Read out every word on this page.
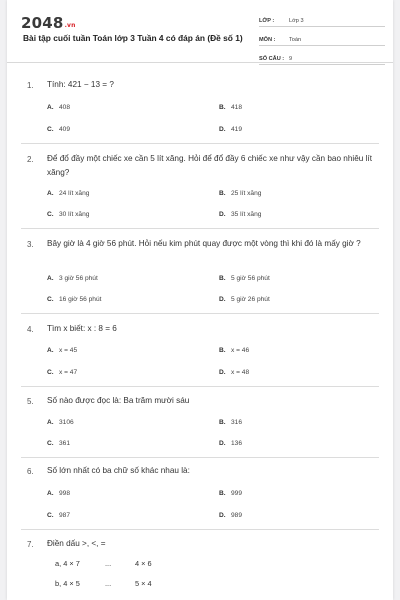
2048.vn
Bài tập cuối tuần Toán lớp 3 Tuần 4 có đáp án (Đề số 1)
LỚP :	Lớp 3
MÔN :	Toán
SỐ CÂU : 9
1. Tính: 421 − 13 = ?
A. 408	B. 418
C. 409	D. 419
2. Để đổ đầy một chiếc xe cần 5 lít xăng. Hỏi để đổ đầy 6 chiếc xe như vậy cần bao nhiêu lít xăng?
A. 24 lít xăng	B. 25 lít xăng
C. 30 lít xăng	D. 35 lít xăng
3. Bây giờ là 4 giờ 56 phút. Hỏi nếu kim phút quay được một vòng thì khi đó là mấy giờ ?
A. 3 giờ 56 phút	B. 5 giờ 56 phút
C. 16 giờ 56 phút	D. 5 giờ 26 phút
4. Tìm x biết: x : 8 = 6
A. x = 45	B. x = 46
C. x = 47	D. x = 48
5. Số nào được đọc là: Ba trăm mười sáu
A. 3106	B. 316
C. 361	D. 136
6. Số lớn nhất có ba chữ số khác nhau là:
A. 998	B. 999
C. 987	D. 989
7. Điền dấu >, <, =
a, 4 × 7	...	4 × 6
b, 4 × 5	...	5 × 4
